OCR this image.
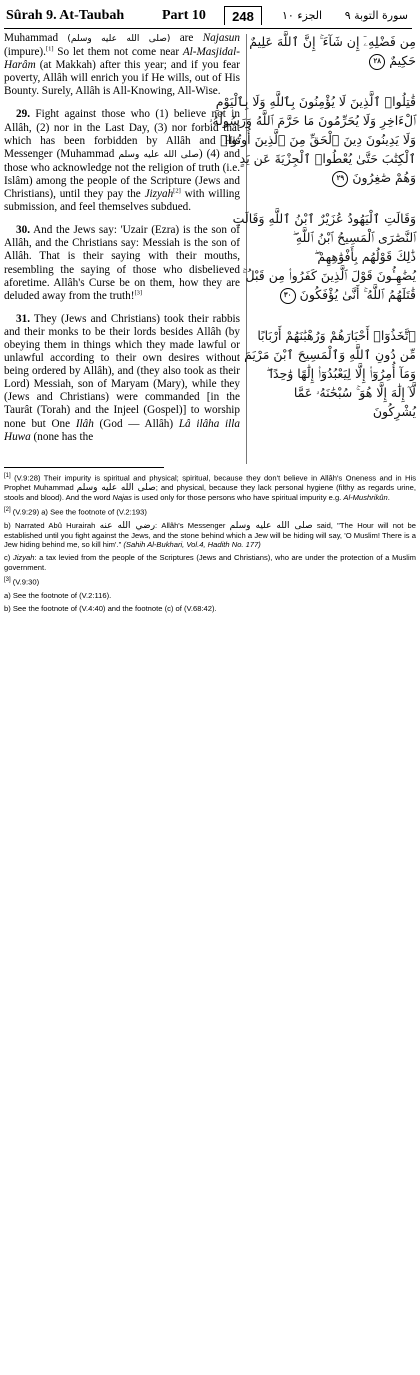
Sûrah 9. At-Taubah	Part 10	248	الجزء ١٠ سورة التوبة ٩

Muhammad (صلى الله عليه وسلم) are Najasun (impure).[1] So let them not come near Al-Masjidal-Harâm (at Makkah) after this year; and if you fear poverty, Allâh will enrich you if He wills, out of His Bounty. Surely, Allâh is All-Knowing, All-Wise.

29. Fight against those who (1) believe not in Allâh, (2) nor in the Last Day, (3) nor forbid that which has been forbidden by Allâh and His Messenger (Muhammad صلى الله عليه وسلم) (4) and those who acknowledge not the religion of truth (i.e. Islâm) among the people of the Scripture (Jews and Christians), until they pay the Jizyah[2] with willing submission, and feel themselves subdued.

30. And the Jews say: 'Uzair (Ezra) is the son of Allâh, and the Christians say: Messiah is the son of Allâh. That is their saying with their mouths, resembling the saying of those who disbelieved aforetime. Allâh's Curse be on them, how they are deluded away from the truth![3]

31. They (Jews and Christians) took their rabbis and their monks to be their lords besides Allâh (by obeying them in things which they made lawful or unlawful according to their own desires without being ordered by Allâh), and (they also took as their Lord) Messiah, son of Maryam (Mary), while they (Jews and Christians) were commanded [in the Taurât (Torah) and the Injeel (Gospel)] to worship none but One Ilâh (God — Allâh) Lâ ilâha illa Huwa (none has the

مِن فَضْلِهِۦٓ إِن شَآءَ ۚ إِنَّ ٱللَّهَ عَلِيمٌ
حَكِيمٌ ٢٨
قَٰتِلُوا۟ ٱلَّذِينَ لَا يُؤْمِنُونَ بِٱللَّهِ وَلَا بِٱلْيَوْمِ
ٱلْءَاخِرِ وَلَا يُحَرِّمُونَ مَا حَرَّمَ ٱللَّهُ وَرَسُولُهُۥ
وَلَا يَدِينُونَ دِينَ ٱلْحَقِّ مِنَ ٱلَّذِينَ أُوتُوا۟
ٱلْكِتَٰبَ حَتَّىٰ يُعْطُوا۟ ٱلْجِزْيَةَ عَن يَدٍ
وَهُمْ صَٰغِرُونَ ٢٩
وَقَالَتِ ٱلْيَهُودُ عُزَيْرٌ ٱبْنُ ٱللَّهِ وَقَالَتِ
ٱلنَّصَٰرَى ٱلْمَسِيحُ ٱبْنُ ٱللَّهِ ۖ
ذَٰلِكَ قَوْلُهُم بِأَفْوَٰهِهِمْ ۖ
يُضَٰهِـُٔونَ قَوْلَ ٱلَّذِينَ كَفَرُوا۟ مِن قَبْلُ ۚ
قَٰتَلَهُمُ ٱللَّهُ ۚ أَنَّىٰ يُؤْفَكُونَ ٣٠
ٱتَّخَذُوٓا۟ أَحْبَارَهُمْ وَرُهْبَٰنَهُمْ أَرْبَابًا
مِّن دُونِ ٱللَّهِ وَٱلْمَسِيحَ ٱبْنَ مَرْيَمَ
وَمَآ أُمِرُوٓا۟ إِلَّا لِيَعْبُدُوٓا۟ إِلَٰهًا وَٰحِدًا ۖ
لَّآ إِلَٰهَ إِلَّا هُوَ ۚ سُبْحَٰنَهُۥ عَمَّا
يُشْرِكُونَ

[1] (V.9:28) Their impurity is spiritual and physical; spiritual, because they don't believe in Allâh's Oneness and in His Prophet Muhammad صلى الله عليه وسلم; and physical, because they lack personal hygiene (filthy as regards urine, stools and blood). And the word Najas is used only for those persons who have spiritual impurity e.g. Al-Mushrikûn.

[2] (V.9:29) a) See the footnote of (V.2:193)

b) Narrated Abû Hurairah رضي الله عنه: Allâh's Messenger صلى الله عليه وسلم said, "The Hour will not be established until you fight against the Jews, and the stone behind which a Jew will be hiding will say, 'O Muslim! There is a Jew hiding behind me, so kill him'." (Sahih Al-Bukhari, Vol.4, Hadith No. 177)

c) Jizyah: a tax levied from the people of the Scriptures (Jews and Christians), who are under the protection of a Muslim government.

[3] (V.9:30)

a) See the footnote of (V.2:116).

b) See the footnote of (V.4:40) and the footnote (c) of (V.68:42).
